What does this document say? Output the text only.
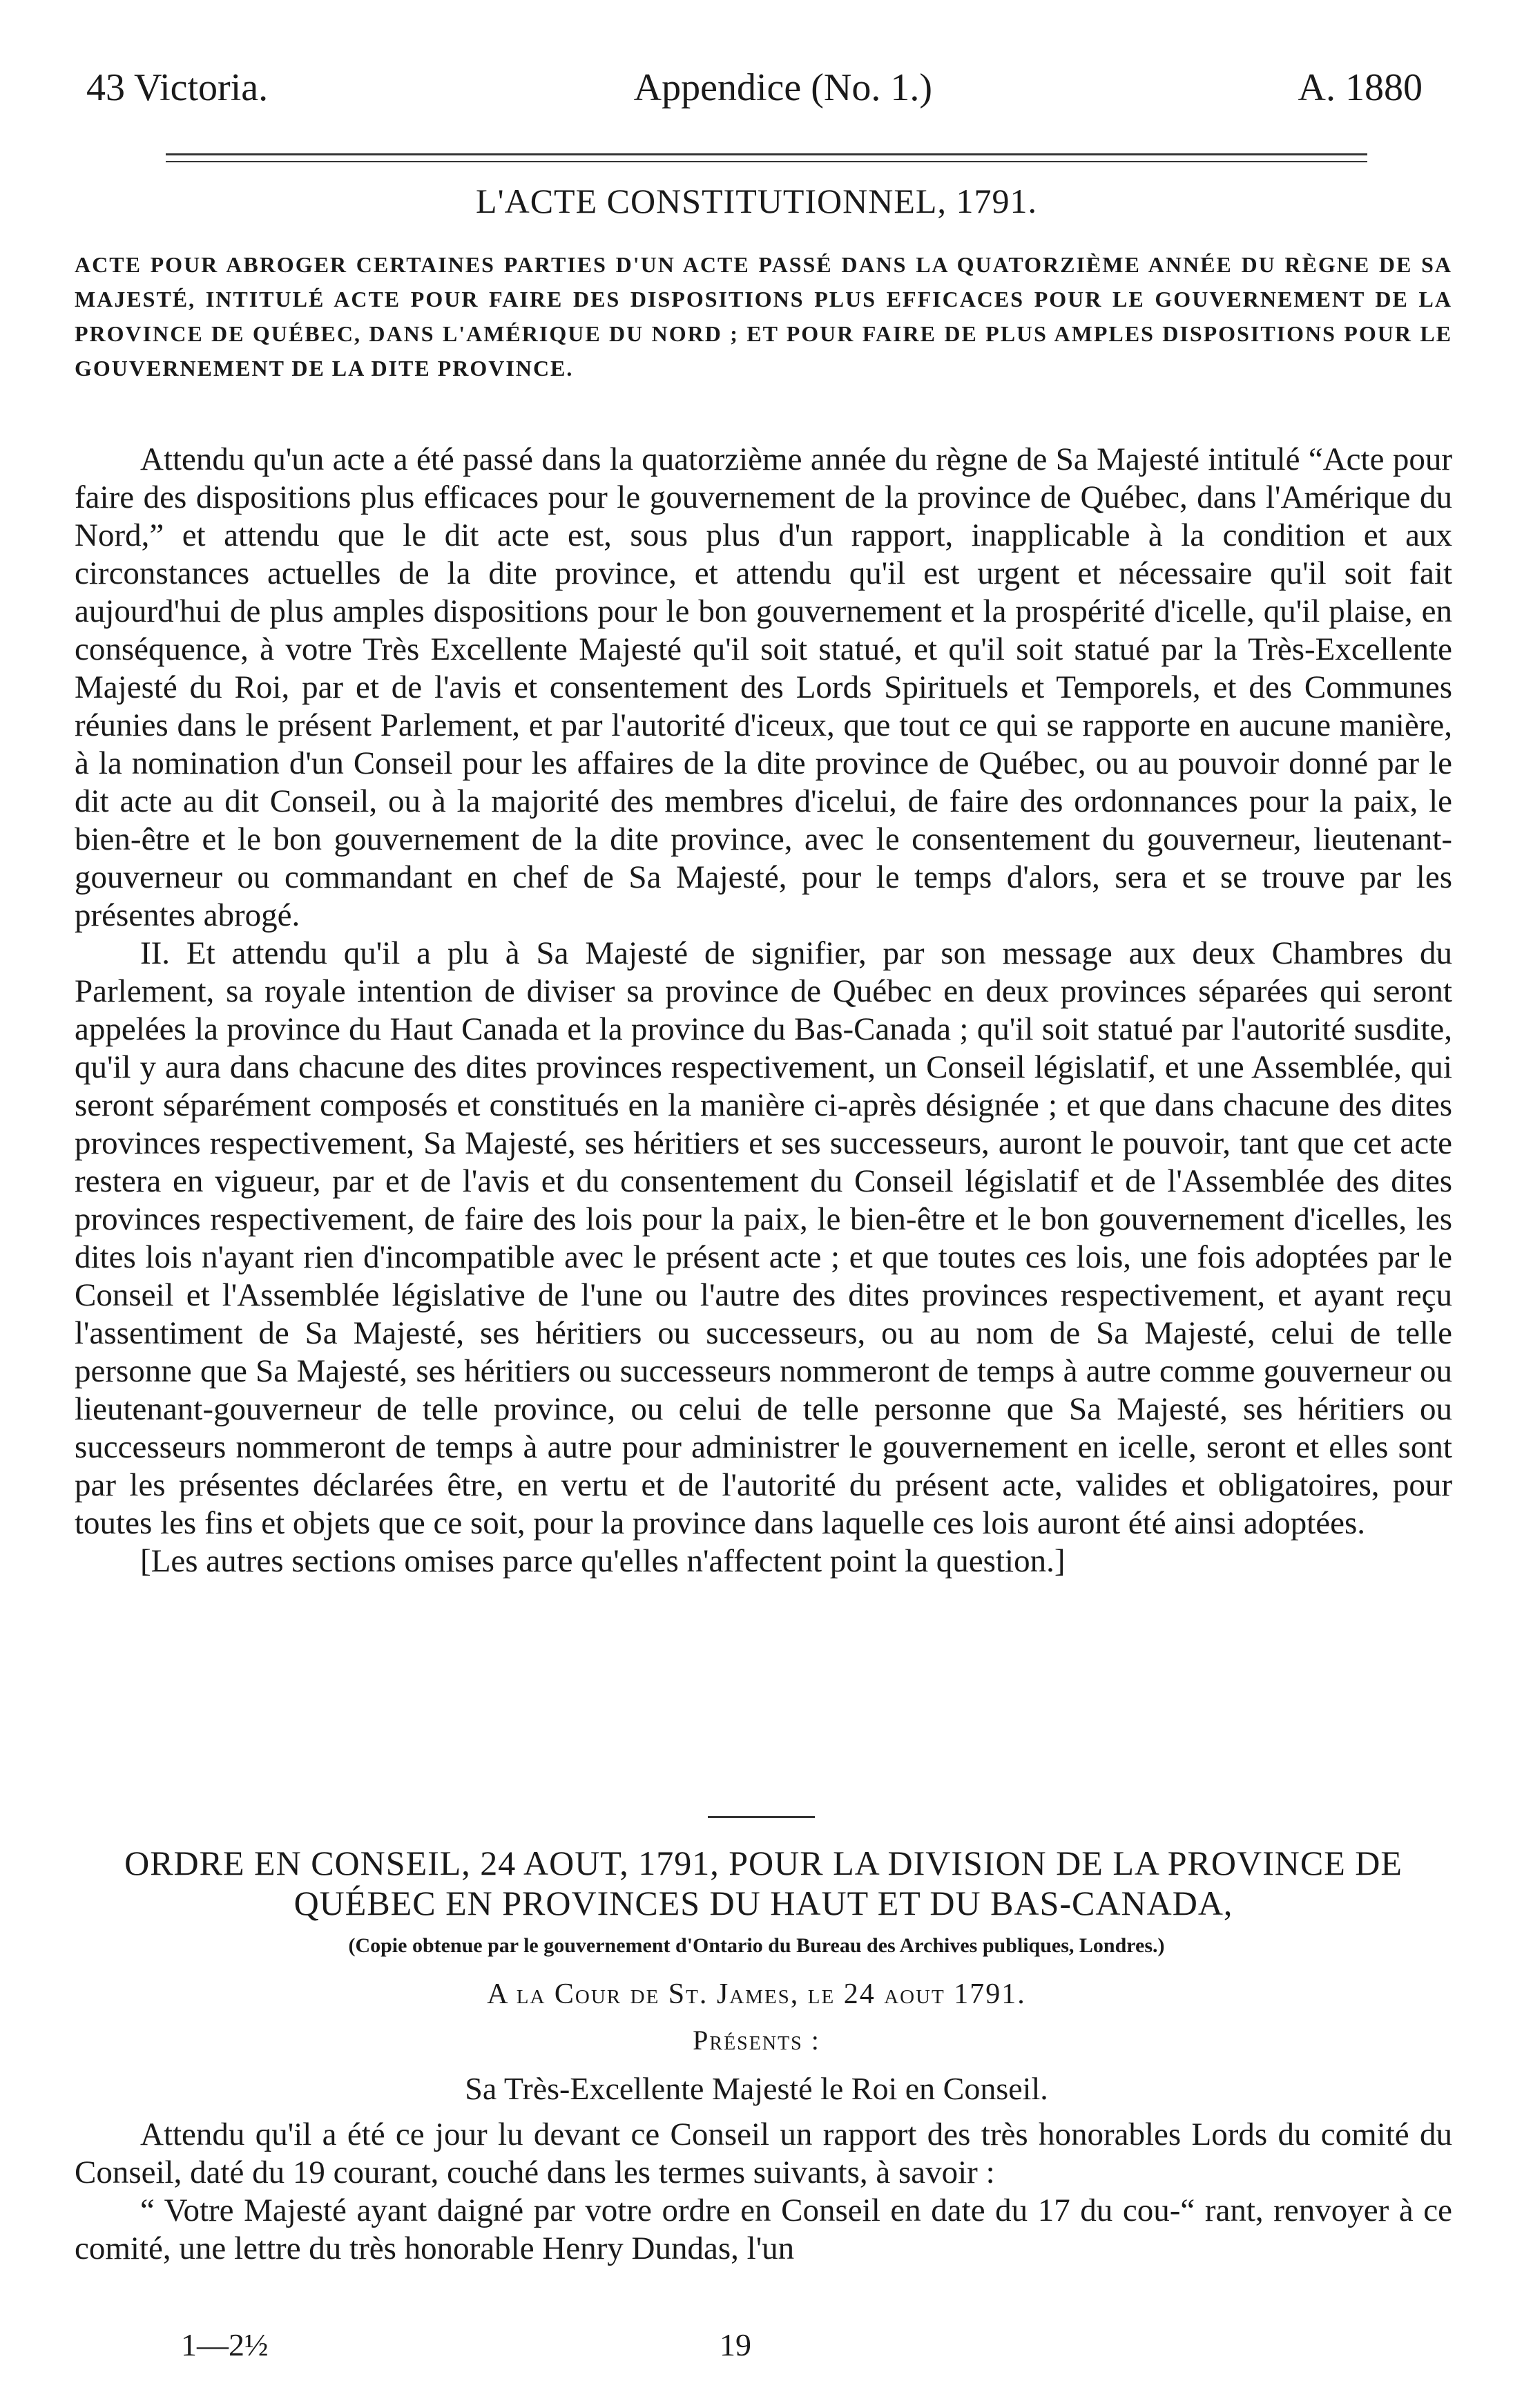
43 Victoria.	Appendice (No. 1.)	A. 1880
L'ACTE CONSTITUTIONNEL, 1791.
ACTE POUR ABROGER CERTAINES PARTIES D'UN ACTE PASSÉ DANS LA QUATORZIÈME ANNÉE DU RÈGNE DE SA MAJESTÉ, INTITULÉ ACTE POUR FAIRE DES DISPOSITIONS PLUS EFFICACES POUR LE GOUVERNEMENT DE LA PROVINCE DE QUÉBEC, DANS L'AMÉRIQUE DU NORD ; ET POUR FAIRE DE PLUS AMPLES DISPOSITIONS POUR LE GOUVERNEMENT DE LA DITE PROVINCE.

Attendu qu'un acte a été passé dans la quatorzième année du règne de Sa Majesté intitulé “Acte pour faire des dispositions plus efficaces pour le gouvernement de la province de Québec, dans l'Amérique du Nord,” et attendu que le dit acte est, sous plus d'un rapport, inapplicable à la condition et aux circonstances actuelles de la dite province, et attendu qu'il est urgent et nécessaire qu'il soit fait aujourd'hui de plus amples dispositions pour le bon gouvernement et la prospérité d'icelle, qu'il plaise, en conséquence, à votre Très Excellente Majesté qu'il soit statué, et qu'il soit statué par la Très-Excellente Majesté du Roi, par et de l'avis et consentement des Lords Spirituels et Temporels, et des Communes réunies dans le présent Parlement, et par l'autorité d'iceux, que tout ce qui se rapporte en aucune manière, à la nomination d'un Conseil pour les affaires de la dite province de Québec, ou au pouvoir donné par le dit acte au dit Conseil, ou à la majorité des membres d'icelui, de faire des ordonnances pour la paix, le bien-être et le bon gouvernement de la dite province, avec le consentement du gouverneur, lieutenant-gouverneur ou commandant en chef de Sa Majesté, pour le temps d'alors, sera et se trouve par les présentes abrogé.

II. Et attendu qu'il a plu à Sa Majesté de signifier, par son message aux deux Chambres du Parlement, sa royale intention de diviser sa province de Québec en deux provinces séparées qui seront appelées la province du Haut Canada et la province du Bas-Canada ; qu'il soit statué par l'autorité susdite, qu'il y aura dans chacune des dites provinces respectivement, un Conseil législatif, et une Assemblée, qui seront séparément composés et constitués en la manière ci-après désignée ; et que dans chacune des dites provinces respectivement, Sa Majesté, ses héritiers et ses successeurs, auront le pouvoir, tant que cet acte restera en vigueur, par et de l'avis et du consentement du Conseil législatif et de l'Assemblée des dites provinces respectivement, de faire des lois pour la paix, le bien-être et le bon gouvernement d'icelles, les dites lois n'ayant rien d'incompatible avec le présent acte ; et que toutes ces lois, une fois adoptées par le Conseil et l'Assemblée législative de l'une ou l'autre des dites provinces respectivement, et ayant reçu l'assentiment de Sa Majesté, ses héritiers ou successeurs, ou au nom de Sa Majesté, celui de telle personne que Sa Majesté, ses héritiers ou successeurs nommeront de temps à autre comme gouverneur ou lieutenant-gouverneur de telle province, ou celui de telle personne que Sa Majesté, ses héritiers ou successeurs nommeront de temps à autre pour administrer le gouvernement en icelle, seront et elles sont par les présentes déclarées être, en vertu et de l'autorité du présent acte, valides et obligatoires, pour toutes les fins et objets que ce soit, pour la province dans laquelle ces lois auront été ainsi adoptées.

[Les autres sections omises parce qu'elles n'affectent point la question.]

ORDRE EN CONSEIL, 24 AOUT, 1791, POUR LA DIVISION DE LA PROVINCE DE QUÉBEC EN PROVINCES DU HAUT ET DU BAS-CANADA,
(Copie obtenue par le gouvernement d'Ontario du Bureau des Archives publiques, Londres.)
A la Cour de St. James, le 24 aout 1791.
Présents :
Sa Très-Excellente Majesté le Roi en Conseil.

Attendu qu'il a été ce jour lu devant ce Conseil un rapport des très honorables Lords du comité du Conseil, daté du 19 courant, couché dans les termes suivants, à savoir :

“ Votre Majesté ayant daigné par votre ordre en Conseil en date du 17 du cou-“ rant, renvoyer à ce comité, une lettre du très honorable Henry Dundas, l'un

1—2½	19
